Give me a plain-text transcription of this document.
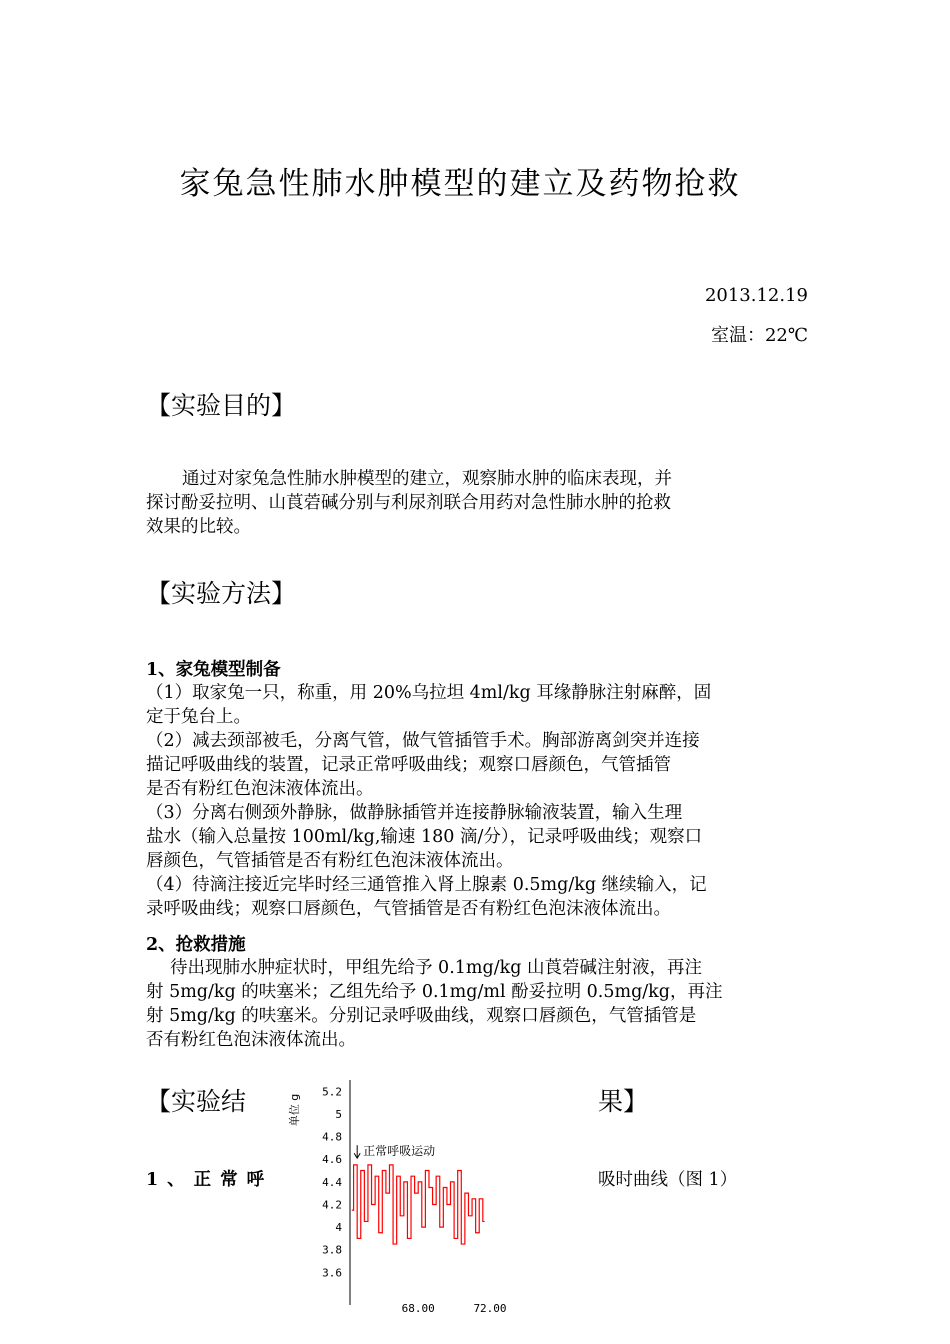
家兔急性肺水肿模型的建立及药物抢救
2013.12.19
室温：22℃
【实验目的】
通过对家兔急性肺水肿模型的建立，观察肺水肿的临床表现，并
探讨酚妥拉明、山莨菪碱分别与利尿剂联合用药对急性肺水肿的抢救
效果的比较。
【实验方法】
1、家兔模型制备
（1）取家兔一只，称重，用 20%乌拉坦 4ml/kg 耳缘静脉注射麻醉，固
定于兔台上。
（2）减去颈部被毛，分离气管，做气管插管手术。胸部游离剑突并连接
描记呼吸曲线的装置，记录正常呼吸曲线；观察口唇颜色，气管插管
是否有粉红色泡沫液体流出。
（3）分离右侧颈外静脉，做静脉插管并连接静脉输液装置，输入生理
盐水（输入总量按 100ml/kg,输速 180 滴/分），记录呼吸曲线；观察口
唇颜色，气管插管是否有粉红色泡沫液体流出。
（4）待滴注接近完毕时经三通管推入肾上腺素 0.5mg/kg 继续输入，记
录呼吸曲线；观察口唇颜色，气管插管是否有粉红色泡沫液体流出。
2、抢救措施
待出现肺水肿症状时，甲组先给予 0.1mg/kg 山莨菪碱注射液，再注
射 5mg/kg 的呋塞米；乙组先给予 0.1mg/ml 酚妥拉明 0.5mg/kg，再注
射 5mg/kg 的呋塞米。分别记录呼吸曲线，观察口唇颜色，气管插管是
否有粉红色泡沫液体流出。
【实验结	果】
1、正常呼	吸时曲线（图 1）
5.2
5
4.8
4.6
4.4
4.2
4
3.8
3.6
68.00	72.00
单位 g
正常呼吸运动
